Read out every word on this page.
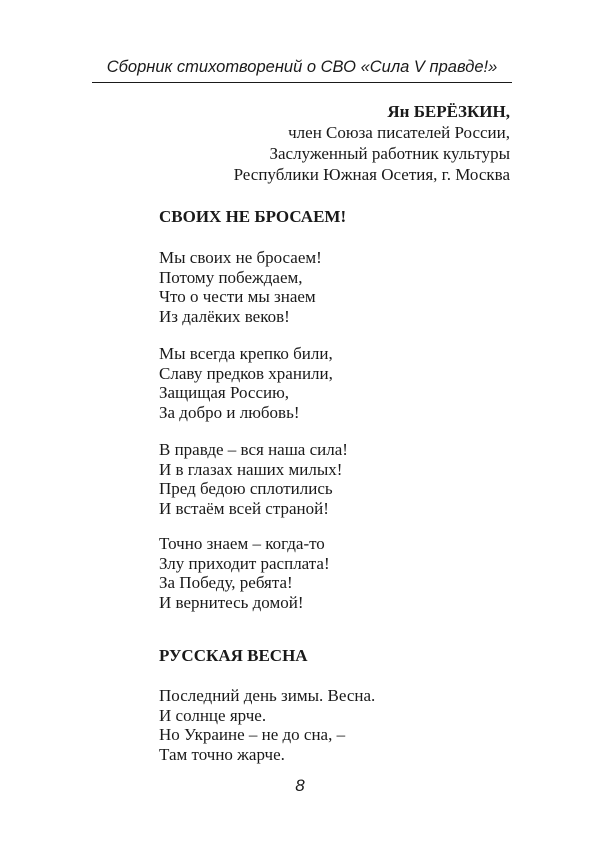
Сборник стихотворений о СВО «Сила V правде!»
Ян БЕРЁЗКИН,
член Союза писателей России,
Заслуженный работник культуры
Республики Южная Осетия, г. Москва
СВОИХ НЕ БРОСАЕМ!
Мы своих не бросаем!
Потому побеждаем,
Что о чести мы знаем
Из далёких веков!
Мы всегда крепко били,
Славу предков хранили,
Защищая Россию,
За добро и любовь!
В правде – вся наша сила!
И в глазах наших милых!
Пред бедою сплотились
И встаём всей страной!
Точно знаем – когда-то
Злу приходит расплата!
За Победу, ребята!
И вернитесь домой!
РУССКАЯ ВЕСНА
Последний день зимы. Весна.
И солнце ярче.
Но Украине – не до сна, –
Там точно жарче.
8
